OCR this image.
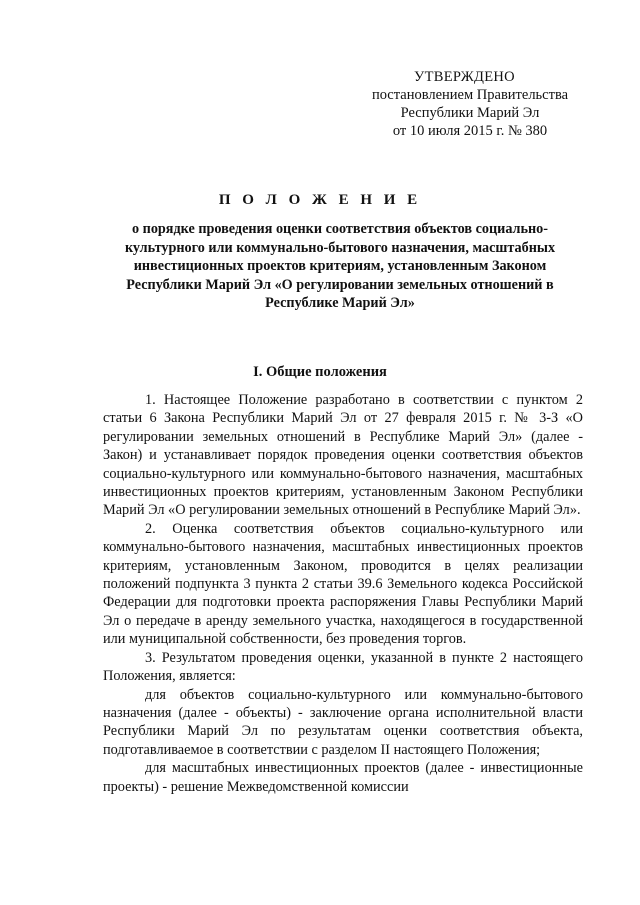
УТВЕРЖДЕНО
постановлением Правительства
Республики Марий Эл
от 10 июля 2015 г. № 380
П О Л О Ж Е Н И Е
о порядке проведения оценки соответствия объектов социально-культурного или коммунально-бытового назначения, масштабных инвестиционных проектов критериям, установленным Законом Республики Марий Эл «О регулировании земельных отношений в Республике Марий Эл»
I. Общие положения

1. Настоящее Положение разработано в соответствии с пунктом 2 статьи 6 Закона Республики Марий Эл от 27 февраля 2015 г. № 3-З «О регулировании земельных отношений в Республике Марий Эл» (далее - Закон) и устанавливает порядок проведения оценки соответствия объектов социально-культурного или коммунально-бытового назначения, масштабных инвестиционных проектов критериям, установленным Законом Республики Марий Эл «О регулировании земельных отношений в Республике Марий Эл».

2. Оценка соответствия объектов социально-культурного или коммунально-бытового назначения, масштабных инвестиционных проектов критериям, установленным Законом, проводится в целях реализации положений подпункта 3 пункта 2 статьи 39.6 Земельного кодекса Российской Федерации для подготовки проекта распоряжения Главы Республики Марий Эл о передаче в аренду земельного участка, находящегося в государственной или муниципальной собственности, без проведения торгов.

3. Результатом проведения оценки, указанной в пункте 2 настоящего Положения, является:

для объектов социально-культурного или коммунально-бытового назначения (далее - объекты) - заключение органа исполнительной власти Республики Марий Эл по результатам оценки соответствия объекта, подготавливаемое в соответствии с разделом II настоящего Положения;

для масштабных инвестиционных проектов (далее - инвестиционные проекты) - решение Межведомственной комиссии
